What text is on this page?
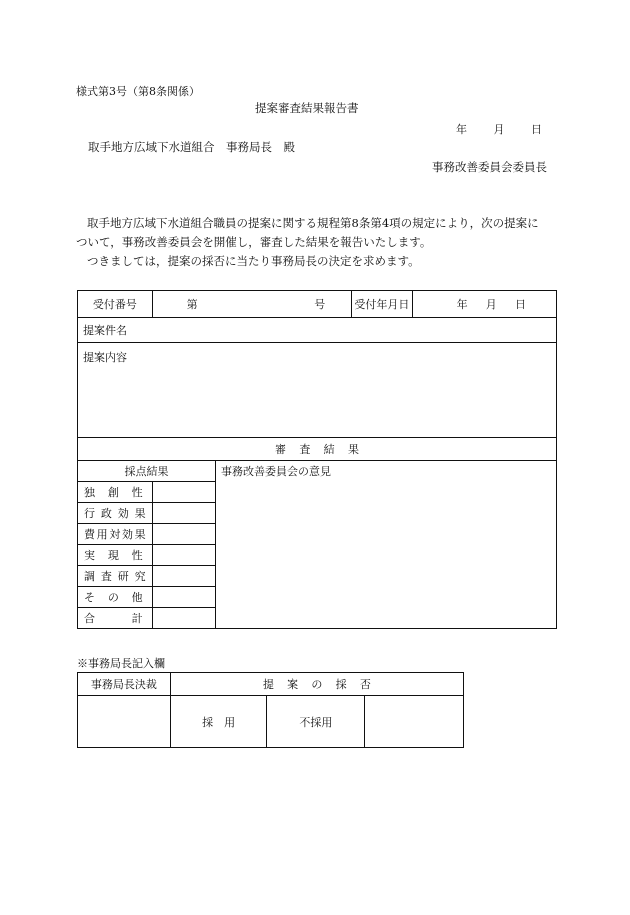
様式第3号（第8条関係）
提案審査結果報告書
年 月 日
取手地方広域下水道組合　事務局長　殿
事務改善委員会委員長
取手地方広域下水道組合職員の提案に関する規程第8条第4項の規定により，次の提案に
ついて，事務改善委員会を開催し，審査した結果を報告いたします。
つきましては，提案の採否に当たり事務局長の決定を求めます。
受付番号	第 号		受付年月日	年 月 日

提案件名				
提案内容				

審 査 結 果				

採点結果		事務改善委員会の意見		

独 創 性				

行 政 効 果				

費 用 対 効 果				

実 現 性				

調 査 研 究				

そ の 他				

合 計				

※事務局長記入欄
事務局長決裁	提 案 の 採 否		

	採　用	不採用	
